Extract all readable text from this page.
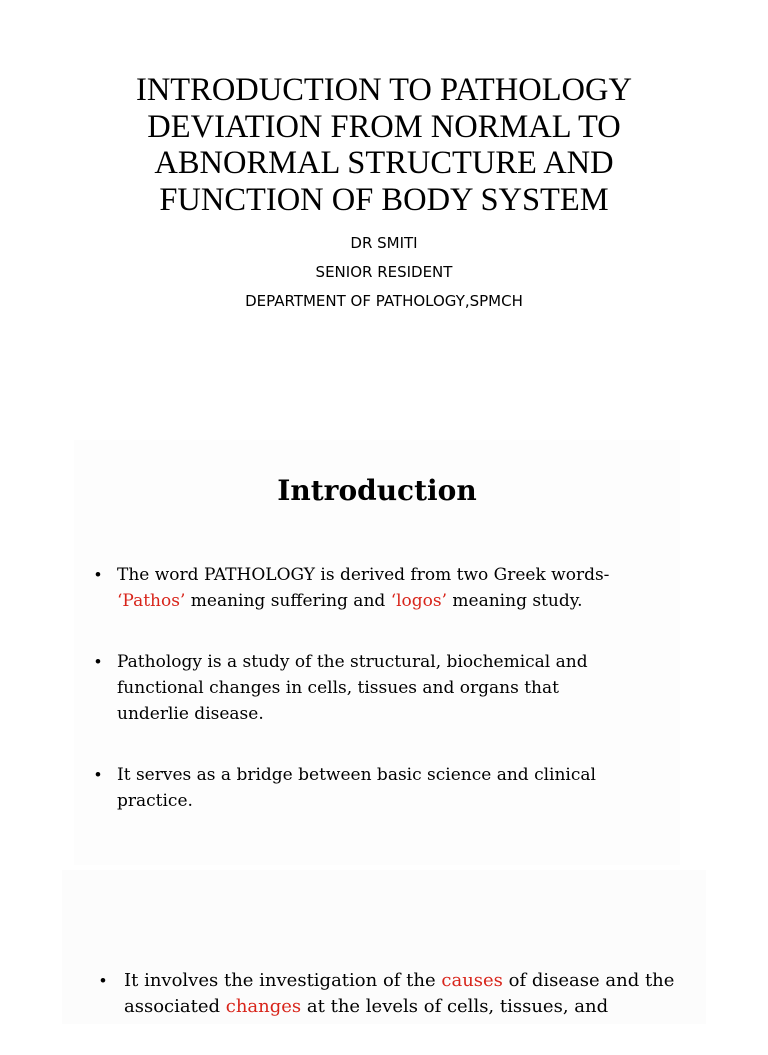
INTRODUCTION TO PATHOLOGY
DEVIATION FROM NORMAL TO
ABNORMAL STRUCTURE AND
FUNCTION OF BODY SYSTEM
DR SMITI
SENIOR RESIDENT
DEPARTMENT OF PATHOLOGY,SPMCH
Introduction
• The word PATHOLOGY is derived from two Greek words- ‘Pathos’ meaning suffering and ‘logos’ meaning study.
• Pathology is a study of the structural, biochemical and functional changes in cells, tissues and organs that underlie disease.
• It serves as a bridge between basic science and clinical practice.
• It involves the investigation of the causes of disease and the associated changes at the levels of cells, tissues, and
